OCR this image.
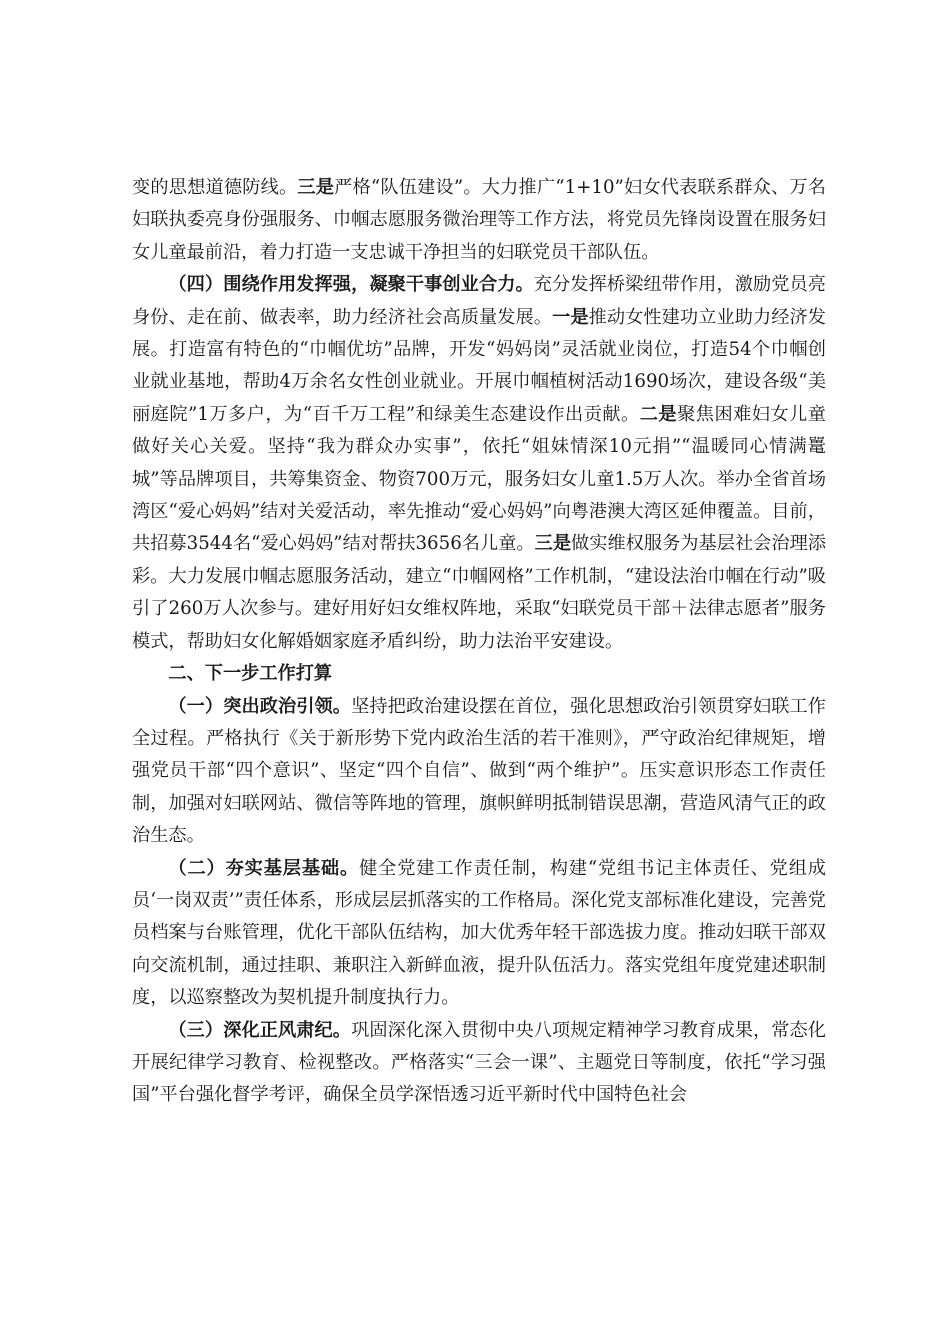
变的思想道德防线。三是严格“队伍建设”。大力推广“1+10”妇女代表联系群众、万名妇联执委亮身份强服务、巾帼志愿服务微治理等工作方法，将党员先锋岗设置在服务妇女儿童最前沿，着力打造一支忠诚干净担当的妇联党员干部队伍。

（四）围绕作用发挥强，凝聚干事创业合力。充分发挥桥梁纽带作用，激励党员亮身份、走在前、做表率，助力经济社会高质量发展。一是推动女性建功立业助力经济发展。打造富有特色的“巾帼优坊”品牌，开发“妈妈岗”灵活就业岗位，打造54个巾帼创业就业基地，帮助4万余名女性创业就业。开展巾帼植树活动1690场次，建设各级“美丽庭院”1万多户，为“百千万工程”和绿美生态建设作出贡献。二是聚焦困难妇女儿童做好关心关爱。坚持“我为群众办实事”，依托“姐妹情深10元捐”“温暖同心情满鼍城”等品牌项目，共筹集资金、物资700万元，服务妇女儿童1.5万人次。举办全省首场湾区“爱心妈妈”结对关爱活动，率先推动“爱心妈妈”向粤港澳大湾区延伸覆盖。目前，共招募3544名“爱心妈妈”结对帮扶3656名儿童。三是做实维权服务为基层社会治理添彩。大力发展巾帼志愿服务活动，建立“巾帼网格”工作机制，“建设法治巾帼在行动”吸引了260万人次参与。建好用好妇女维权阵地，采取“妇联党员干部＋法律志愿者”服务模式，帮助妇女化解婚姻家庭矛盾纠纷，助力法治平安建设。

二、下一步工作打算

（一）突出政治引领。坚持把政治建设摆在首位，强化思想政治引领贯穿妇联工作全过程。严格执行《关于新形势下党内政治生活的若干准则》，严守政治纪律规矩，增强党员干部“四个意识”、坚定“四个自信”、做到“两个维护”。压实意识形态工作责任制，加强对妇联网站、微信等阵地的管理，旗帜鲜明抵制错误思潮，营造风清气正的政治生态。

（二）夯实基层基础。健全党建工作责任制，构建“党组书记主体责任、党组成员‘一岗双责’”责任体系，形成层层抓落实的工作格局。深化党支部标准化建设，完善党员档案与台账管理，优化干部队伍结构，加大优秀年轻干部选拔力度。推动妇联干部双向交流机制，通过挂职、兼职注入新鲜血液，提升队伍活力。落实党组年度党建述职制度，以巡察整改为契机提升制度执行力。

（三）深化正风肃纪。巩固深化深入贯彻中央八项规定精神学习教育成果，常态化开展纪律学习教育、检视整改。严格落实“三会一课”、主题党日等制度，依托“学习强国”平台强化督学考评，确保全员学深悟透习近平新时代中国特色社会
